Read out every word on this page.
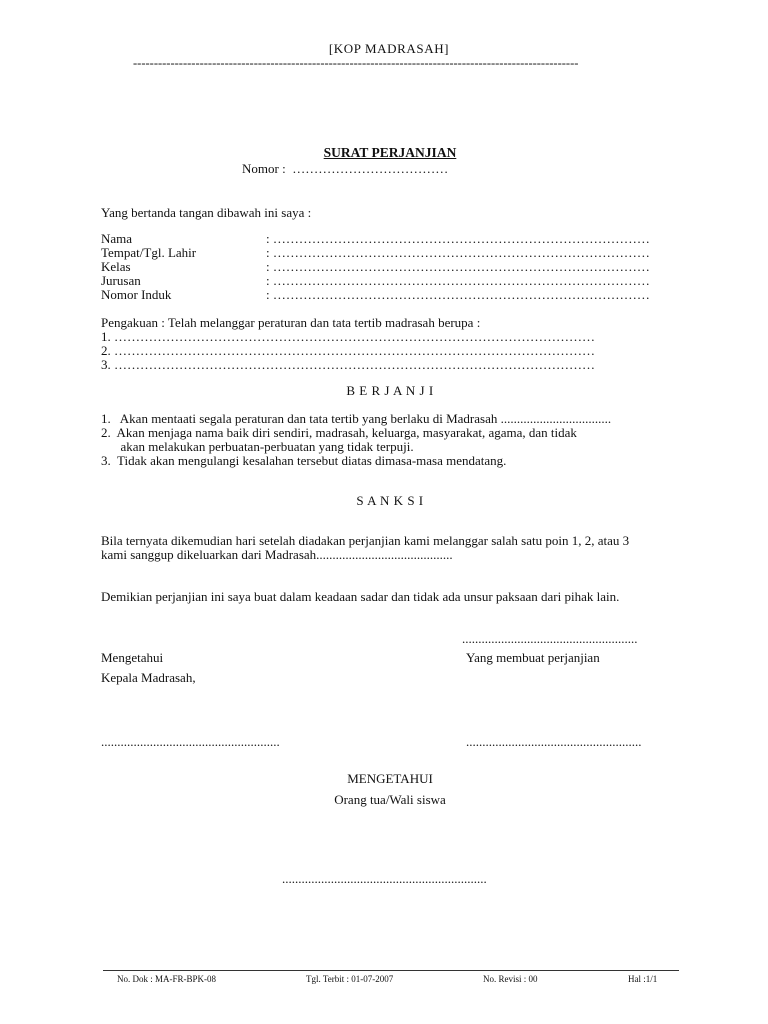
[KOP MADRASAH]
-----------------------------------------------------------------------------------------------------------
SURAT PERJANJIAN
Nomor :  ………………………………
Yang bertanda tangan dibawah ini saya :
Nama	: ……………………………………………………………………………
Tempat/Tgl. Lahir	: ……………………………………………………………………………
Kelas	: ……………………………………………………………………………
Jurusan	: ……………………………………………………………………………
Nomor Induk	: ……………………………………………………………………………
Pengakuan : Telah melanggar peraturan dan tata tertib madrasah berupa :
1. …………………………………………………………………………………………………
2. …………………………………………………………………………………………………
3. …………………………………………………………………………………………………
B E R J A N J I
1.   Akan mentaati segala peraturan dan tata tertib yang berlaku di Madrasah ..................................
2.  Akan menjaga nama baik diri sendiri, madrasah, keluarga, masyarakat, agama, dan tidak
akan melakukan perbuatan-perbuatan yang tidak terpuji.
3.  Tidak akan mengulangi kesalahan tersebut diatas dimasa-masa mendatang.
S A N K S I
Bila ternyata dikemudian hari setelah diadakan perjanjian kami melanggar salah satu poin 1, 2, atau 3
kami sanggup dikeluarkan dari Madrasah..........................................
Demikian perjanjian ini saya buat dalam keadaan sadar dan tidak ada unsur paksaan dari pihak lain.
......................................................
Mengetahui	Yang membuat perjanjian
Kepala Madrasah,
.......................................................	......................................................
MENGETAHUI
Orang tua/Wali siswa
...............................................................
No. Dok : MA-FR-BPK-08	Tgl. Terbit : 01-07-2007	No. Revisi : 00	Hal :1/1
